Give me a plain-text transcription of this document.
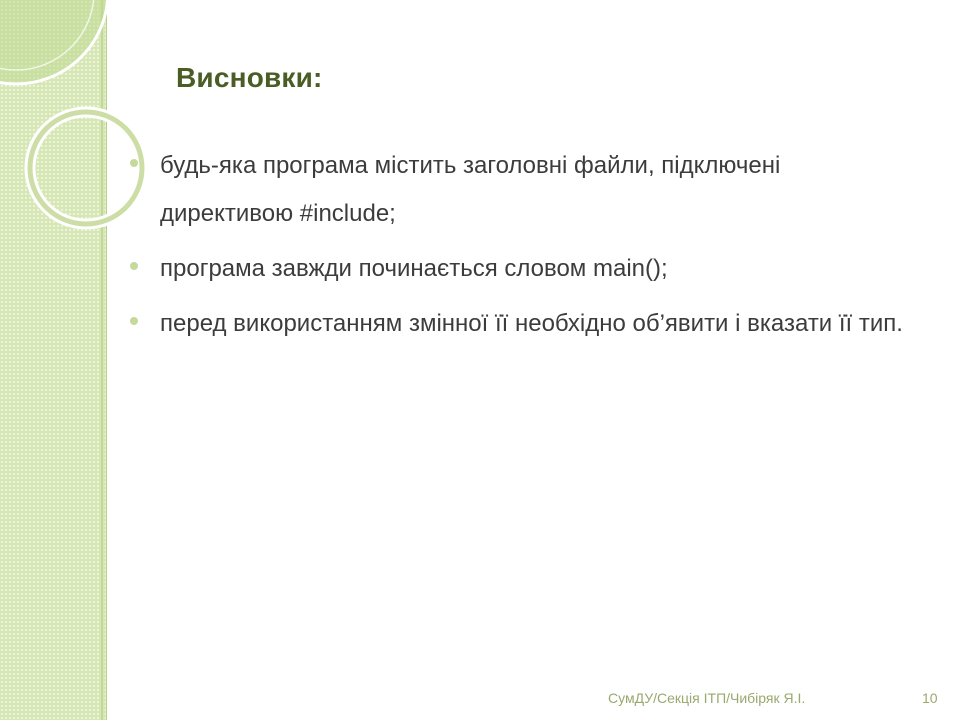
Висновки:
будь-яка програма містить заголовні файли, підключені директивою #include;
програма завжди починається словом main();
перед використанням змінної її необхідно об’явити і вказати її тип.
СумДУ/Секція ІТП/Чибіряк Я.І.	10
